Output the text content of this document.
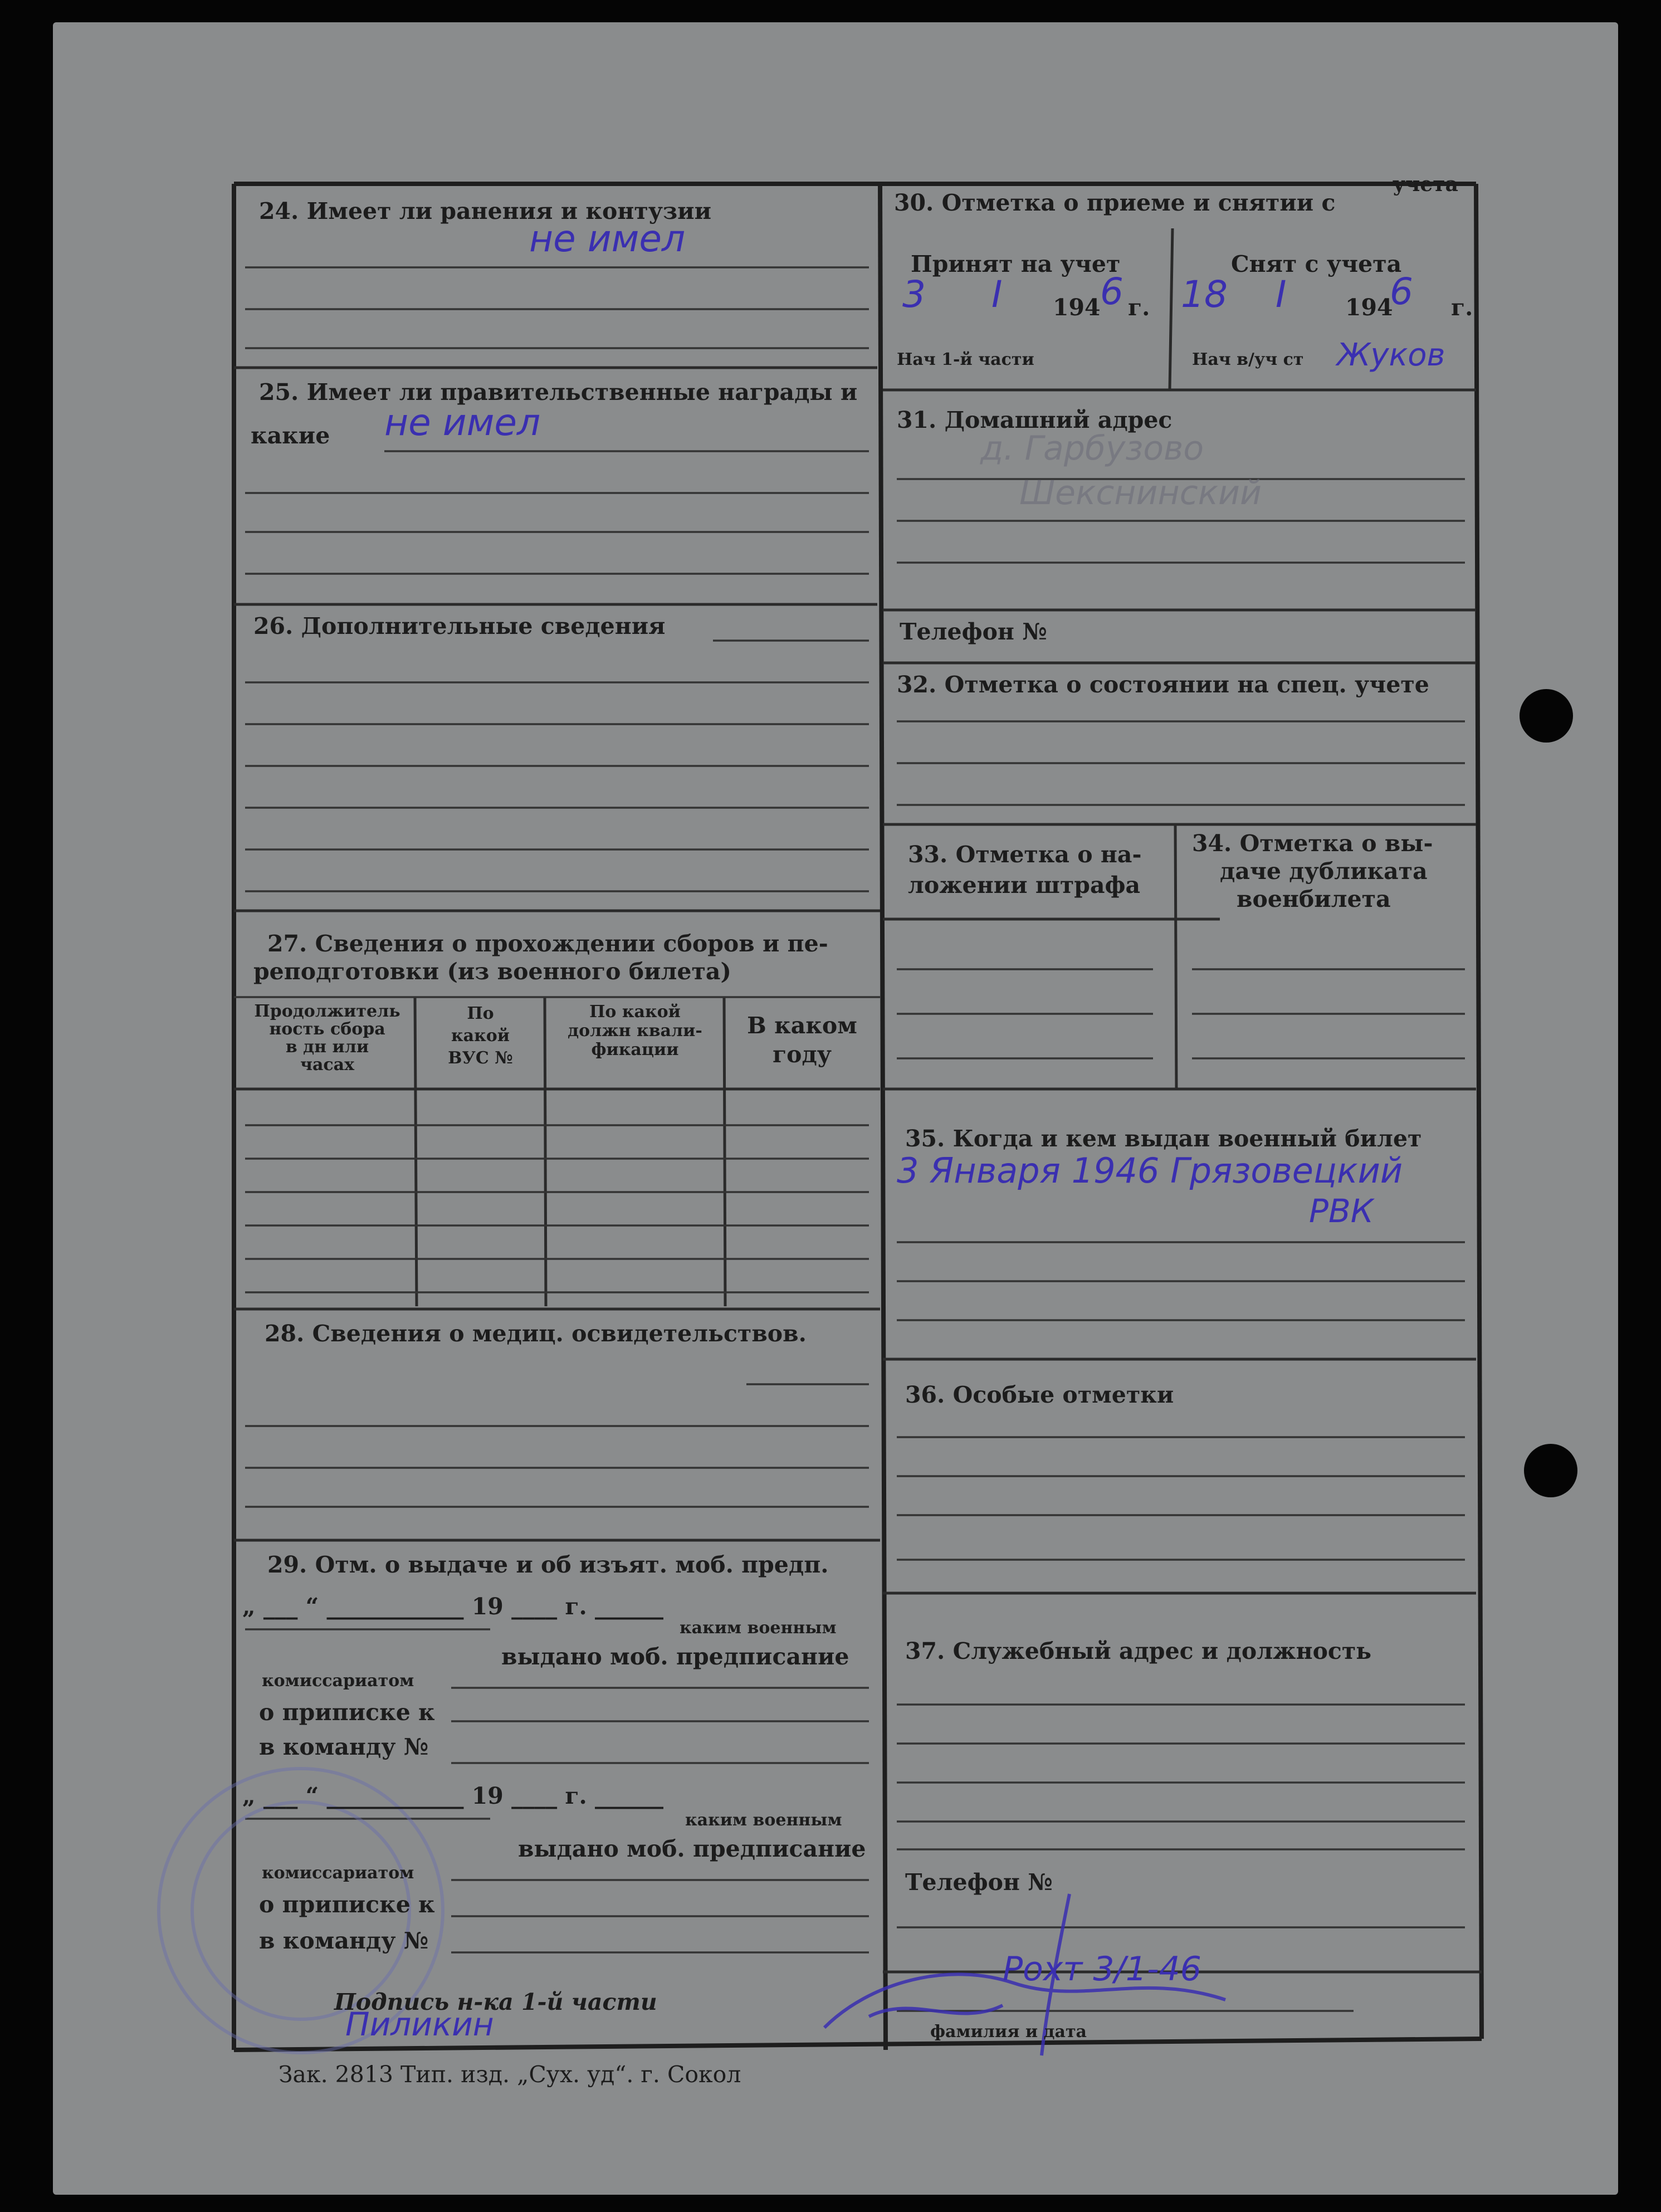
24. Имеет ли ранения и контузии
не имел
25. Имеет ли правительственные награды и
какие не имел
26. Дополнительные сведения
27. Сведения о прохождении сборов и пе-
реподготовки (из военного билета)
Продолжитель
ность сбора
в дн или
часах
По
какой
ВУС №
По какой
должн квали-
фикации
В каком
году
28. Сведения о медиц. освидетельствов.
29. Отм. о выдаче и об изъят. моб. предп.
„ ___ “ ____________ 19 ____ г. ______
каким военным
выдано моб. предписание
комиссариатом
о приписке к
в команду №
„ ___ “ ____________ 19 ____ г. ______
каким военным
выдано моб. предписание
комиссариатом
о приписке к
в команду №
Подпись н-ка 1-й части
Пиликин	фамилия и дата
30. Отметка о приеме и снятии с
учета
Принят на учет
3 I 194 6 г.
Нач 1-й части
Снят с учета
18 I	194
6 г.
Нач в/уч ст Жуков
31. Домашний адрес
д. Гарбузово
Шекснинский
Телефон №
32. Отметка о состоянии на спец. учете
33. Отметка о на-
ложении штрафа
34. Отметка о вы-
даче дубликата
военбилета
35. Когда и кем выдан военный билет
3 Января 1946 Грязовецкий
РВК
36. Особые отметки
37. Служебный адрес и должность
Телефон №
Рохт 3/1-46
Зак. 2813 Тип. изд. „Сух. уд“. г. Сокол
